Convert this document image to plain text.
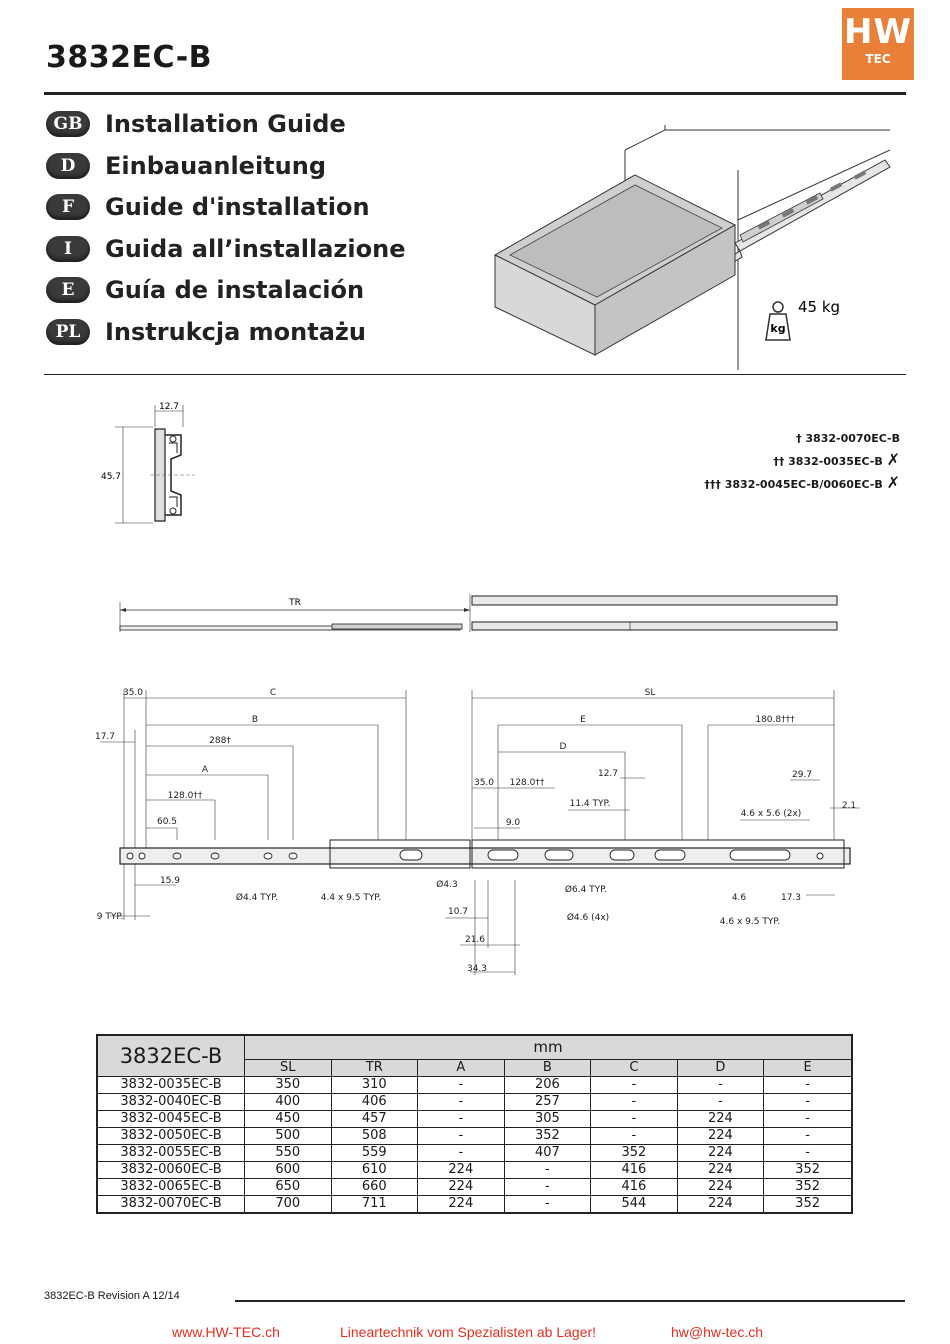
3832EC-B
HW
TEC
GB Installation Guide
D	Einbauanleitung
F	Guide d'installation
I	Guida all’installazione
E	Guía de instalación
PL	Instrukcja montażu	kg
45 kg
12.7
45.7
† 3832-0070EC-B
†† 3832-0035EC-B ✗
††† 3832-0045EC-B/0060EC-B ✗
TR
35.0	C	SL
B	E	180.8†††
17.7	288†
D
A	12.7	29.7
35.0 128.0††
128.0††
11.4 TYP.	2.1
4.6 x 5.6 (2x)
60.5	9.0
15.9
Ø4.4 TYP.	4.4 x 9.5 TYP.
Ø4.3	Ø6.4 TYP.
4.6	17.3
9 TYP.	10.7
Ø4.6 (4x)	4.6 x 9.5 TYP.
21.6
34.3
3832EC-B	mm						
	SL	TR	A	B	C	D	E
3832-0035EC-B	350	310	-	206	-	-	-
3832-0040EC-B	400	406	-	257	-	-	-
3832-0045EC-B	450	457	-	305	-	224	-
3832-0050EC-B	500	508	-	352	-	224	-
3832-0055EC-B	550	559	-	407	352	224	-
3832-0060EC-B	600	610	224	-	416	224	352
3832-0065EC-B	650	660	224	-	416	224	352
3832-0070EC-B	700	711	224	-	544	224	352
3832EC-B Revision A 12/14
www.HW-TEC.ch	Lineartechnik vom Spezialisten ab Lager!	hw@hw-tec.ch
